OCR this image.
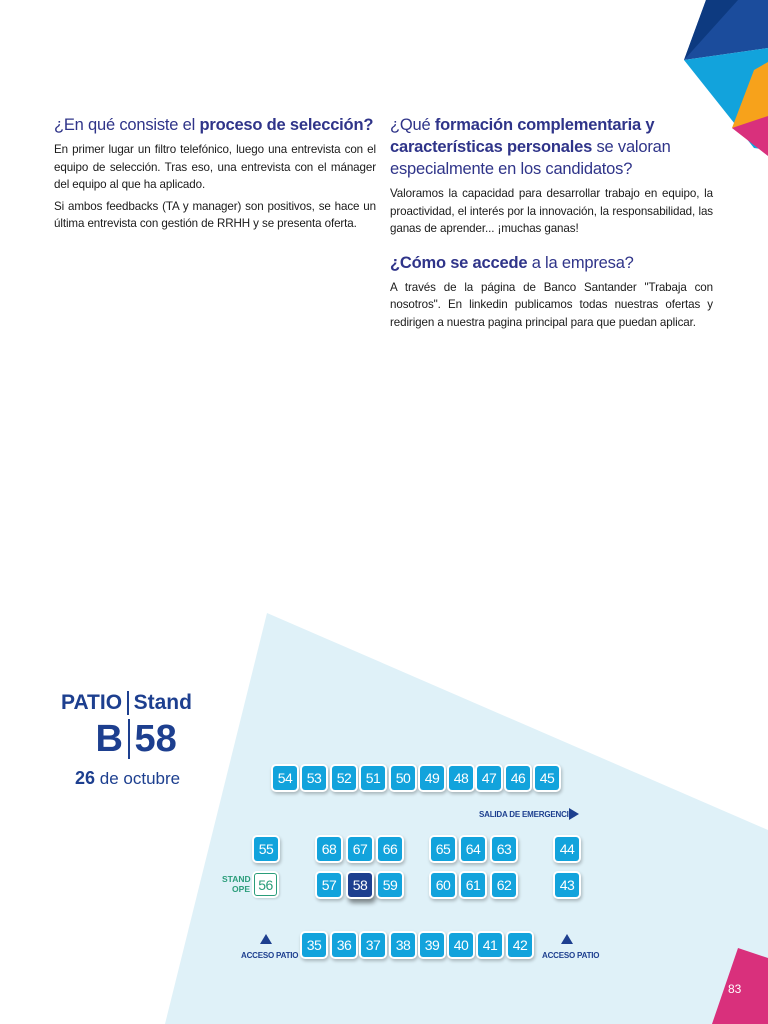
¿En qué consiste el proceso de selección?

En primer lugar un filtro telefónico, luego una entrevista con el equipo de selección. Tras eso, una entrevista con el mánager del equipo al que ha aplicado.

Si ambos feedbacks (TA y manager) son positivos, se hace un última entrevista con gestión de RRHH y se presenta oferta.

¿Qué formación complementaria y características personales se valoran especialmente en los candidatos?

Valoramos la capacidad para desarrollar trabajo en equipo, la proactividad, el interés por la innovación, la responsabilidad, las ganas de aprender... ¡muchas ganas!

¿Cómo se accede a la empresa?

A través de la página de Banco Santander "Trabaja con nosotros". En linkedin publicamos todas nuestras ofertas y redirigen a nuestra pagina principal para que puedan aplicar.

PATIO Stand
B 58
26 de octubre	54	53	52	51	50	49	48 47	46	45
SALIDA DE EMERGENCIA
55	68	67	66	65	64	63	44
STAND
OPE 56	57	58	59	60	61	62	43
35	36	37	38	39	40	41	42
ACCESO PATIO	ACCESO PATIO
83
